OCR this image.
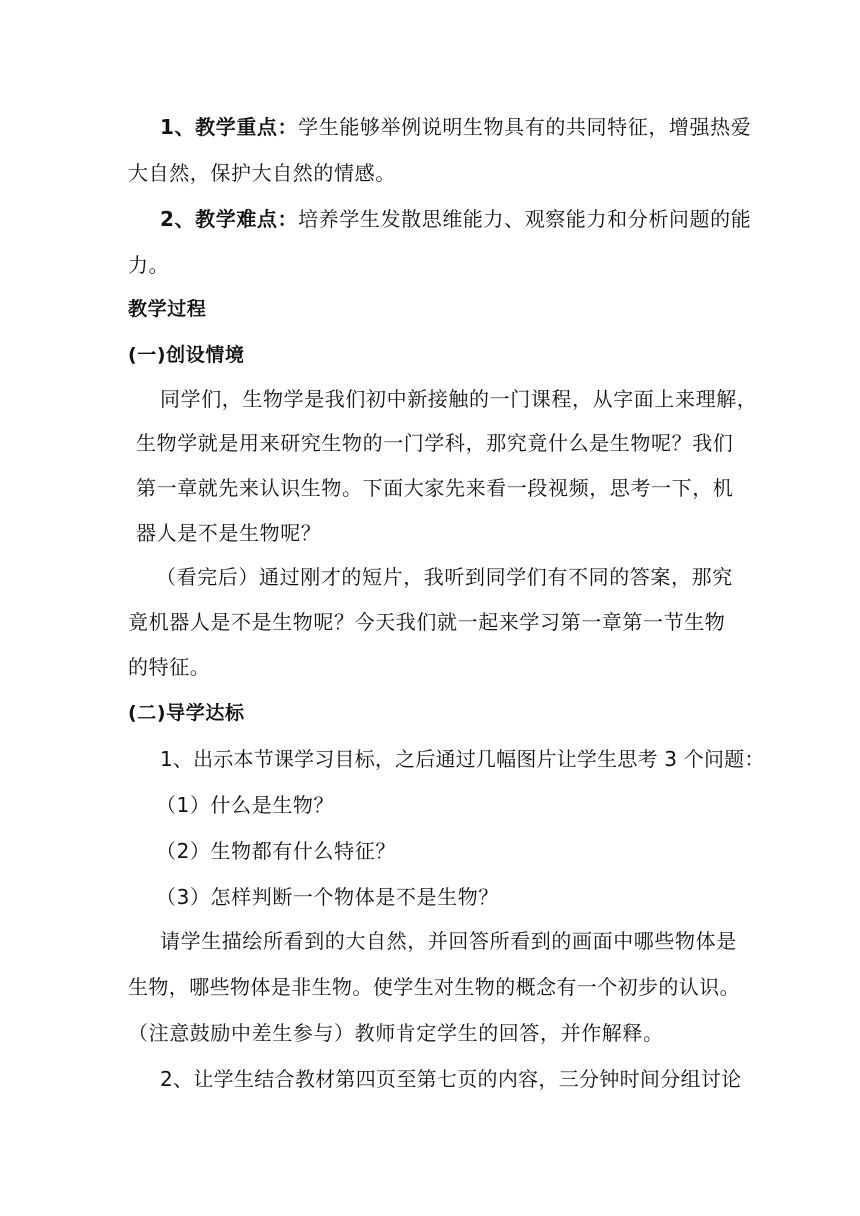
1、教学重点：学生能够举例说明生物具有的共同特征，增强热爱
大自然，保护大自然的情感。
2、教学难点：培养学生发散思维能力、观察能力和分析问题的能
力。
教学过程
(一)创设情境
同学们，生物学是我们初中新接触的一门课程，从字面上来理解，
生物学就是用来研究生物的一门学科，那究竟什么是生物呢？我们
第一章就先来认识生物。下面大家先来看一段视频，思考一下，机
器人是不是生物呢？
（看完后）通过刚才的短片，我听到同学们有不同的答案，那究
竟机器人是不是生物呢？今天我们就一起来学习第一章第一节生物
的特征。
(二)导学达标
1、出示本节课学习目标，之后通过几幅图片让学生思考 3 个问题：
（1）什么是生物？
（2）生物都有什么特征？
（3）怎样判断一个物体是不是生物？
请学生描绘所看到的大自然，并回答所看到的画面中哪些物体是
生物，哪些物体是非生物。使学生对生物的概念有一个初步的认识。
（注意鼓励中差生参与）教师肯定学生的回答，并作解释。
2、让学生结合教材第四页至第七页的内容，三分钟时间分组讨论
